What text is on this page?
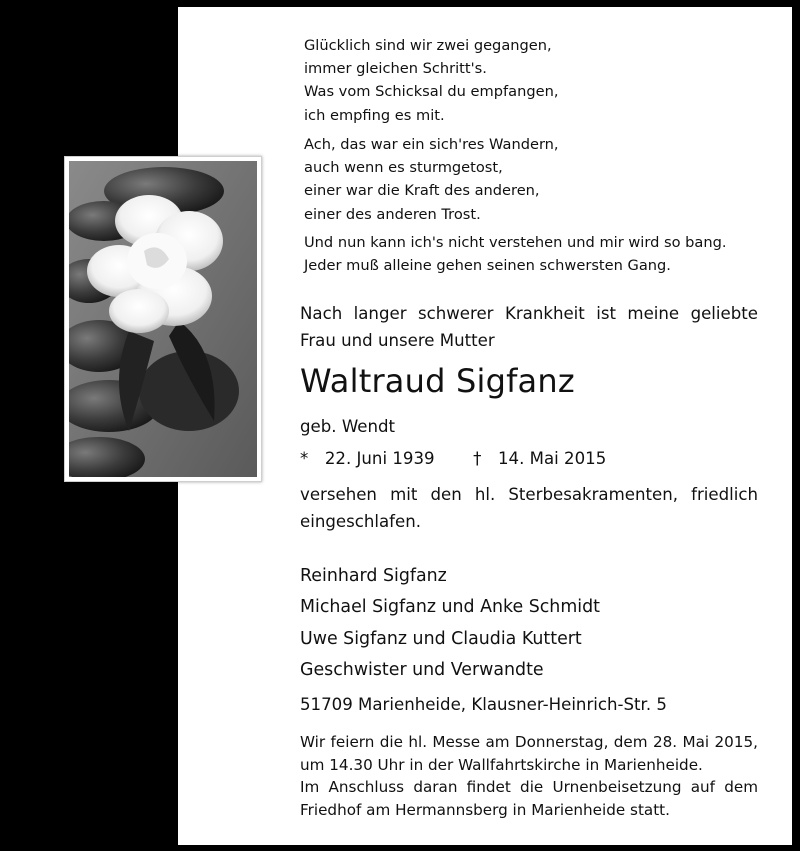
Glücklich sind wir zwei gegangen,
immer gleichen Schritt's.
Was vom Schicksal du empfangen,
ich empfing es mit.
Ach, das war ein sich'res Wandern,
auch wenn es sturmgetost,
einer war die Kraft des anderen,
einer des anderen Trost.
Und nun kann ich's nicht verstehen und mir wird so bang.
Jeder muß alleine gehen seinen schwersten Gang.
Nach langer schwerer Krankheit ist meine geliebte Frau und unsere Mutter
Waltraud Sigfanz
geb. Wendt
* 22. Juni 1939 † 14. Mai 2015
versehen mit den hl. Sterbesakramenten, friedlich eingeschlafen.
Reinhard Sigfanz
Michael Sigfanz und Anke Schmidt
Uwe Sigfanz und Claudia Kuttert
Geschwister und Verwandte
51709 Marienheide, Klausner-Heinrich-Str. 5
Wir feiern die hl. Messe am Donnerstag, dem 28. Mai 2015,
um 14.30 Uhr in der Wallfahrtskirche in Marienheide.
Im Anschluss daran findet die Urnenbeisetzung auf dem
Friedhof am Hermannsberg in Marienheide statt.
